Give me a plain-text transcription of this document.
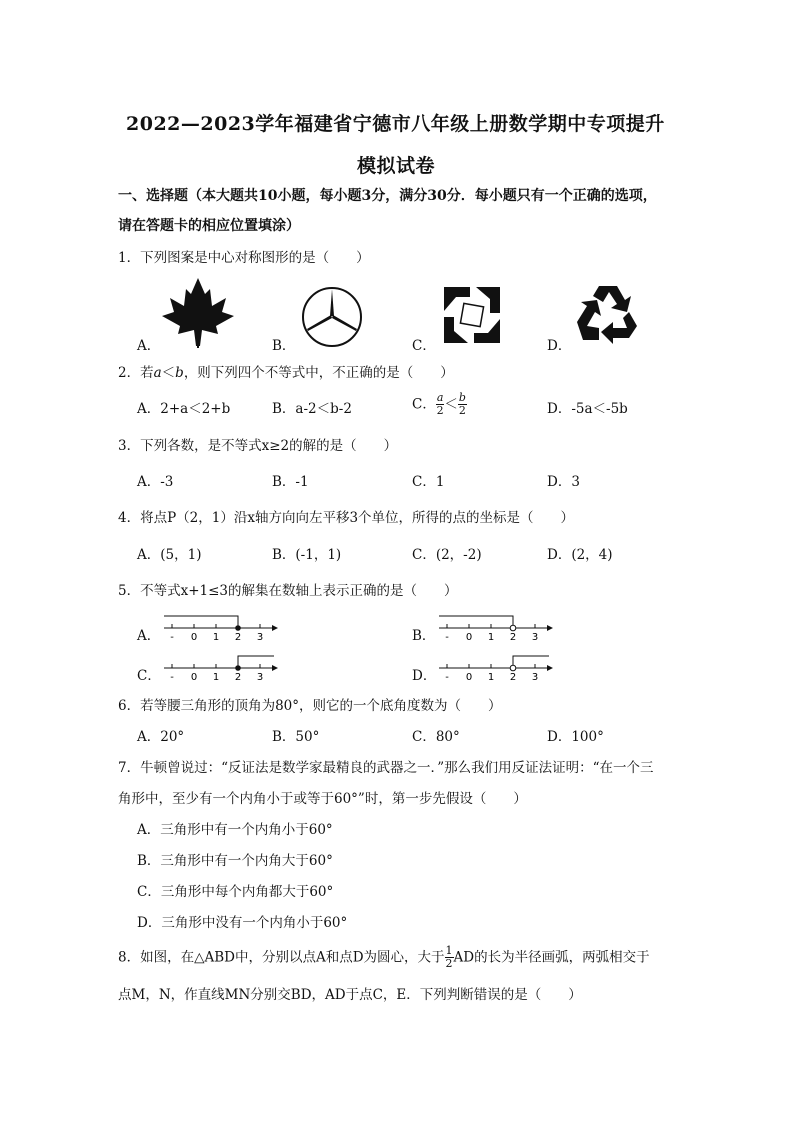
2022—2023学年福建省宁德市八年级上册数学期中专项提升
模拟试卷
一、选择题（本大题共10小题，每小题3分，满分30分．每小题只有一个正确的选项，
请在答题卡的相应位置填涂）
1．下列图案是中心对称图形的是（　　）
A．	B．	C．	D．
2．若a＜b，则下列四个不等式中，不正确的是（　　）
A．2+a＜2+b	B．a-2＜b-2	C． $\frac{a}{2} < \frac{b}{2}$	D．-5a＜-5b
3．下列各数，是不等式x≥2的解的是（　　）
A．-3	B．-1	C．1	D．3
4．将点P（2，1）沿x轴方向向左平移3个单位，所得的点的坐标是（　　）
A．(5，1)	B．(-1，1)	C．(2，-2)	D．(2，4)
5．不等式x+1≤3的解集在数轴上表示正确的是（　　）
A．	B．
C．	D．
- 0 1 2 3	- 0 1 2 3
- 0 1 2 3	- 0 1 2 3
6．若等腰三角形的顶角为80°，则它的一个底角度数为（　　）
A．20°	B．50°	C．80°	D．100°
7．牛顿曾说过：“反证法是数学家最精良的武器之一．”那么我们用反证法证明：“在一个三
角形中，至少有一个内角小于或等于60°”时，第一步先假设（　　）
A．三角形中有一个内角小于60°
B．三角形中有一个内角大于60°
C．三角形中每个内角都大于60°
D．三角形中没有一个内角小于60°
8．如图，在△ABD中，分别以点A和点D为圆心，大于 $\frac{1}{2}$ AD的长为半径画弧，两弧相交于
点M，N，作直线MN分别交BD，AD于点C，E．下列判断错误的是（　　）
